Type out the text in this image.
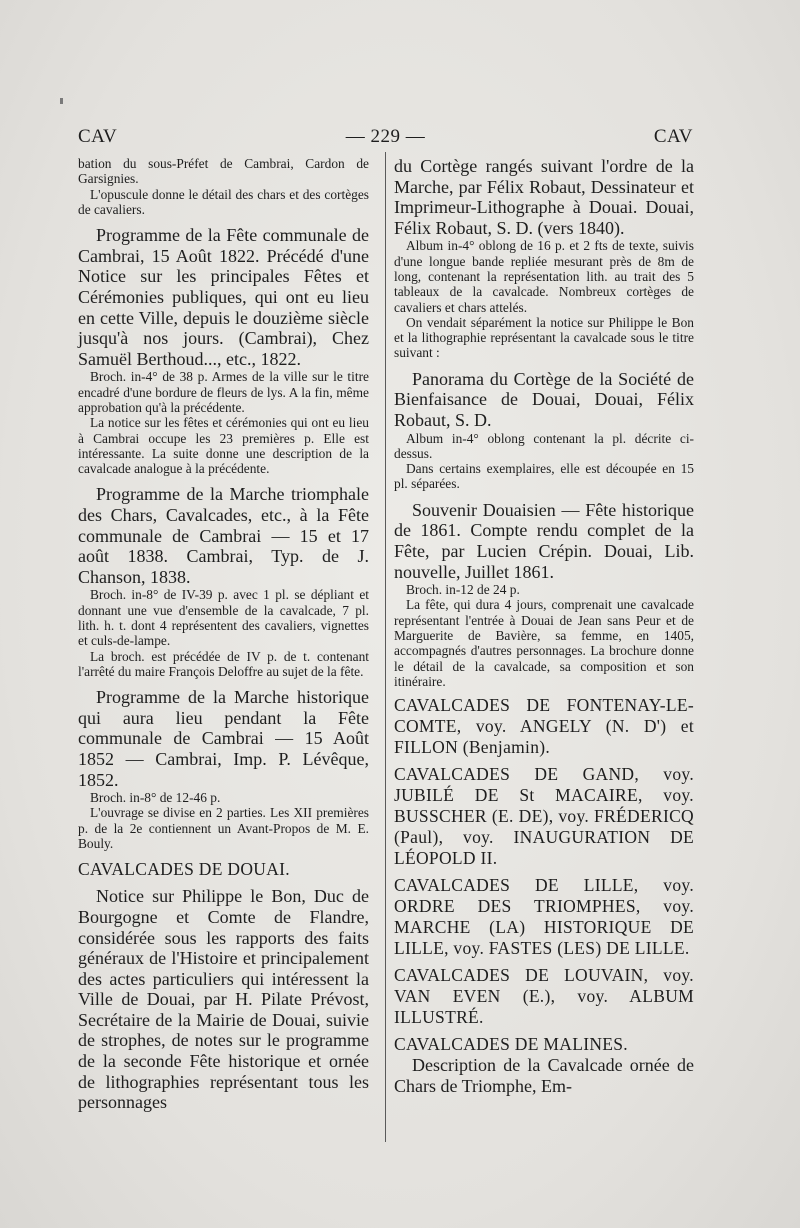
CAV	— 229 —	CAV

bation du sous-Préfet de Cambrai, Cardon de Garsignies.

L'opuscule donne le détail des chars et des cortèges de cavaliers.

Programme de la Fête communale de Cambrai, 15 Août 1822. Précédé d'une Notice sur les principales Fêtes et Cérémonies publiques, qui ont eu lieu en cette Ville, depuis le douzième siècle jusqu'à nos jours. (Cambrai), Chez Samuël Berthoud..., etc., 1822.

Broch. in-4° de 38 p. Armes de la ville sur le titre encadré d'une bordure de fleurs de lys. A la fin, même approbation qu'à la précédente.

La notice sur les fêtes et cérémonies qui ont eu lieu à Cambrai occupe les 23 premières p. Elle est intéressante. La suite donne une description de la cavalcade analogue à la précédente.

Programme de la Marche triomphale des Chars, Cavalcades, etc., à la Fête communale de Cambrai — 15 et 17 août 1838. Cambrai, Typ. de J. Chanson, 1838.

Broch. in-8° de IV-39 p. avec 1 pl. se dépliant et donnant une vue d'ensemble de la cavalcade, 7 pl. lith. h. t. dont 4 représentent des cavaliers, vignettes et culs-de-lampe.

La broch. est précédée de IV p. de t. contenant l'arrêté du maire François Deloffre au sujet de la fête.

Programme de la Marche historique qui aura lieu pendant la Fête communale de Cambrai — 15 Août 1852 — Cambrai, Imp. P. Lévêque, 1852.

Broch. in-8° de 12-46 p.

L'ouvrage se divise en 2 parties. Les XII premières p. de la 2e contiennent un Avant-Propos de M. E. Bouly.

CAVALCADES DE DOUAI.

Notice sur Philippe le Bon, Duc de Bourgogne et Comte de Flandre, considérée sous les rapports des faits généraux de l'Histoire et principalement des actes particuliers qui intéressent la Ville de Douai, par H. Pilate Prévost, Secrétaire de la Mairie de Douai, suivie de strophes, de notes sur le programme de la seconde Fête historique et ornée de lithographies représentant tous les personnages

du Cortège rangés suivant l'ordre de la Marche, par Félix Robaut, Dessinateur et Imprimeur-Lithographe à Douai. Douai, Félix Robaut, S. D. (vers 1840).

Album in-4° oblong de 16 p. et 2 fts de texte, suivis d'une longue bande repliée mesurant près de 8m de long, contenant la représentation lith. au trait des 5 tableaux de la cavalcade. Nombreux cortèges de cavaliers et chars attelés.

On vendait séparément la notice sur Philippe le Bon et la lithographie représentant la cavalcade sous le titre suivant :

Panorama du Cortège de la Société de Bienfaisance de Douai, Douai, Félix Robaut, S. D.

Album in-4° oblong contenant la pl. décrite ci-dessus.

Dans certains exemplaires, elle est découpée en 15 pl. séparées.

Souvenir Douaisien — Fête historique de 1861. Compte rendu complet de la Fête, par Lucien Crépin. Douai, Lib. nouvelle, Juillet 1861.

Broch. in-12 de 24 p.

La fête, qui dura 4 jours, comprenait une cavalcade représentant l'entrée à Douai de Jean sans Peur et de Marguerite de Bavière, sa femme, en 1405, accompagnés d'autres personnages. La brochure donne le détail de la cavalcade, sa composition et son itinéraire.

CAVALCADES DE FONTENAY-LE-COMTE, voy. ANGELY (N. D') et FILLON (Benjamin).

CAVALCADES DE GAND, voy. JUBILÉ DE St MACAIRE, voy. BUSSCHER (E. DE), voy. FRÉDERICQ (Paul), voy. INAUGURATION DE LÉOPOLD II.

CAVALCADES DE LILLE, voy. ORDRE DES TRIOMPHES, voy. MARCHE (LA) HISTORIQUE DE LILLE, voy. FASTES (LES) DE LILLE.

CAVALCADES DE LOUVAIN, voy. VAN EVEN (E.), voy. ALBUM ILLUSTRÉ.

CAVALCADES DE MALINES.

Description de la Cavalcade ornée de Chars de Triomphe, Em-
